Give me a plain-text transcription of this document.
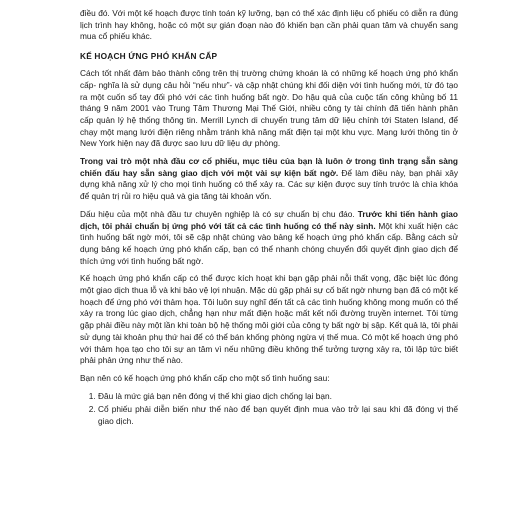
điều đó. Với một kế hoạch được tính toán kỹ lưỡng, bạn có thể xác định liệu cổ phiếu có diễn ra đúng lịch trình hay không, hoặc có một sự gián đoạn nào đó khiến bạn cần phải quan tâm và chuyển sang mua cổ phiếu khác.

KẾ HOẠCH ỨNG PHÓ KHẨN CẤP

Cách tốt nhất đảm bảo thành công trên thị trường chứng khoán là có những kế hoạch ứng phó khẩn cấp- nghĩa là sử dụng câu hỏi “nếu như”- và cập nhật chúng khi đối diện với tình huống mới, từ đó tạo ra một cuốn sổ tay đối phó với các tình huống bất ngờ. Do hậu quả của cuộc tấn công khủng bố 11 tháng 9 năm 2001 vào Trung Tâm Thương Mại Thế Giới, nhiều công ty tài chính đã tiến hành phân cấp quản lý hệ thống thông tin. Merrill Lynch di chuyển trung tâm dữ liệu chính tới Staten Island, để chạy một mạng lưới điện riêng nhằm tránh khả năng mất điện tại một khu vực. Mạng lưới thông tin ở New York hiện nay đã được sao lưu dữ liệu dự phòng.

Trong vai trò một nhà đầu cơ cổ phiếu, mục tiêu của bạn là luôn ở trong tình trạng sẵn sàng chiến đấu hay sẵn sàng giao dịch với một vài sự kiện bất ngờ. Để làm điều này, bạn phải xây dựng khả năng xử lý cho mọi tình huống có thể xảy ra. Các sự kiện được suy tính trước là chìa khóa để quản trị rủi ro hiệu quả và gia tăng tài khoản vốn.

Dấu hiệu của một nhà đầu tư chuyên nghiệp là có sự chuẩn bị chu đáo. Trước khi tiến hành giao dịch, tôi phải chuẩn bị ứng phó với tất cả các tình huống có thể này sinh. Một khi xuất hiện các tình huống bất ngờ mới, tôi sẽ cập nhật chúng vào bảng kế hoạch ứng phó khẩn cấp. Bằng cách sử dụng bảng kế hoạch ứng phó khẩn cấp, bạn có thể nhanh chóng chuyển đổi quyết định giao dịch để thích ứng với tình huống bất ngờ.

Kế hoạch ứng phó khẩn cấp có thể được kích hoạt khi bạn gặp phải nỗi thất vọng, đặc biệt lúc đóng một giao dịch thua lỗ và khi bảo vệ lợi nhuận. Mặc dù gặp phải sự cố bất ngờ nhưng bạn đã có một kế hoạch để ứng phó với thảm họa. Tôi luôn suy nghĩ đến tất cả các tình huống không mong muốn có thể xảy ra trong lúc giao dịch, chẳng hạn như mất điện hoặc mất kết nối đường truyền internet. Tôi từng gặp phải điều này một lần khi toàn bộ hệ thống môi giới của công ty bất ngờ bị sập. Kết quả là, tôi phải sử dụng tài khoản phụ thứ hai để có thể bán khống phòng ngừa vị thế mua. Có một kế hoạch ứng phó với thảm họa tạo cho tôi sự an tâm vì nếu những điều không thể tưởng tượng xảy ra, tôi lập tức biết phải phản ứng như thế nào.

Bạn nên có kế hoạch ứng phó khẩn cấp cho một số tình huống sau:

1. Đâu là mức giá bạn nên đóng vị thế khi giao dịch chống lại bạn.
2. Cổ phiếu phải diễn biến như thế nào để bạn quyết định mua vào trở lại sau khi đã đóng vị thế giao dịch.
